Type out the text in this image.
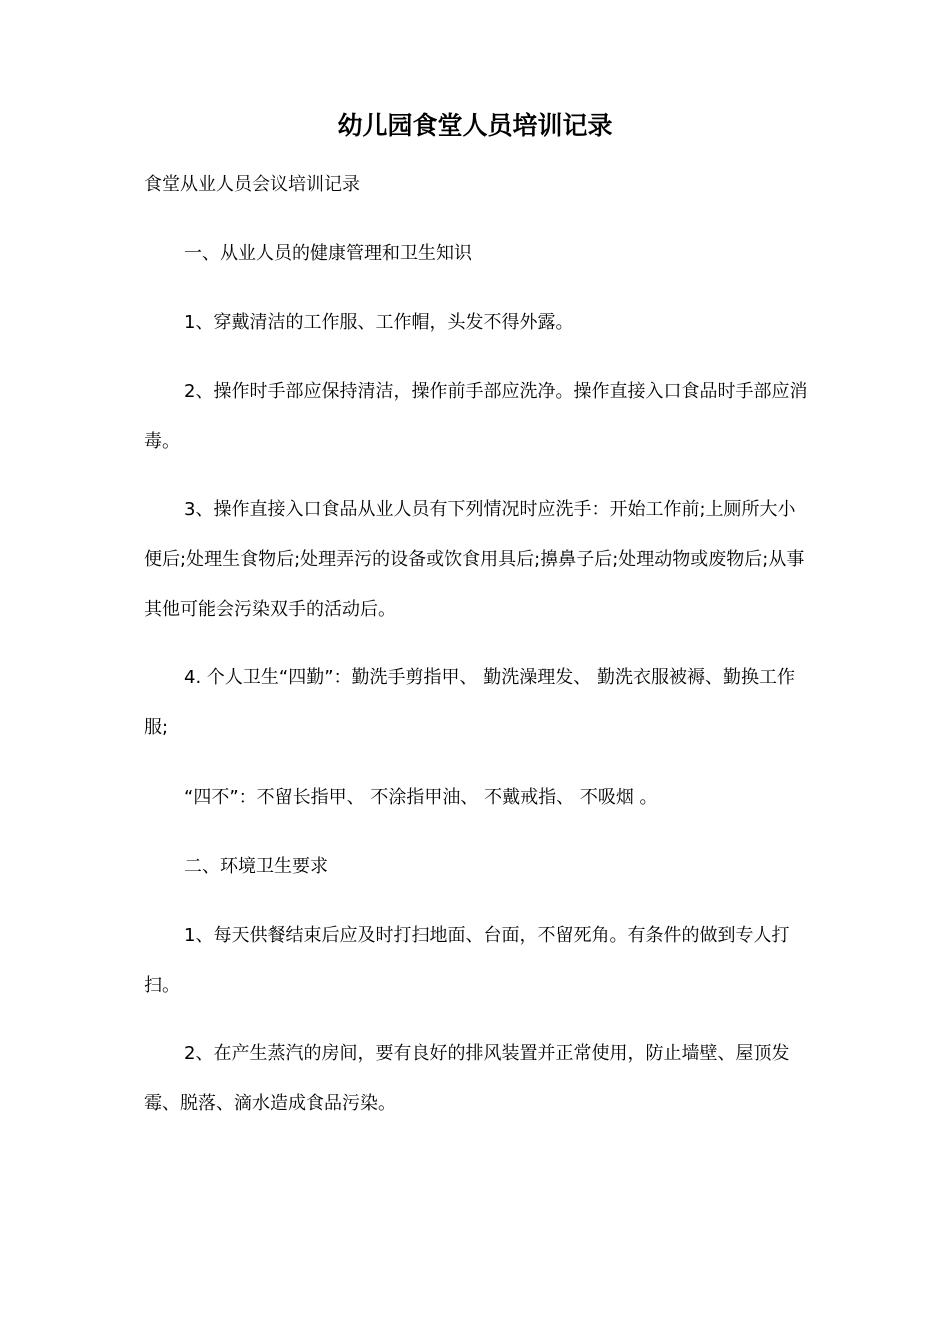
幼儿园食堂人员培训记录

食堂从业人员会议培训记录

一、从业人员的健康管理和卫生知识

1、穿戴清洁的工作服、工作帽，头发不得外露。

2、操作时手部应保持清洁，操作前手部应洗净。操作直接入口食品时手部应消毒。

3、操作直接入口食品从业人员有下列情况时应洗手：开始工作前;上厕所大小便后;处理生食物后;处理弄污的设备或饮食用具后;擤鼻子后;处理动物或废物后;从事其他可能会污染双手的活动后。

4. 个人卫生“四勤”：勤洗手剪指甲、 勤洗澡理发、 勤洗衣服被褥、勤换工作服;

“四不”：不留长指甲、 不涂指甲油、 不戴戒指、 不吸烟 。

二、环境卫生要求

1、每天供餐结束后应及时打扫地面、台面，不留死角。有条件的做到专人打扫。

2、在产生蒸汽的房间，要有良好的排风装置并正常使用，防止墙壁、屋顶发霉、脱落、滴水造成食品污染。
